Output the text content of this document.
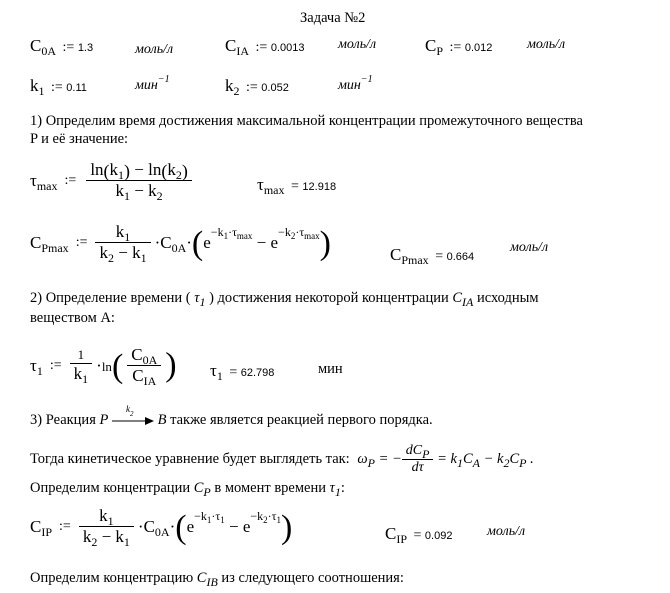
Задача №2
$C_{0A}$ := 1.3	моль/л	$C_{IA}$ := 0.0013 моль/л	$C_P$ := 0.012 моль/л
$k_1$ := 0.11	мин$^{-1}$	$k_2$ := 0.052	мин$^{-1}$
1) Определим время достижения максимальной концентрации промежуточного вещества
P и её значение:
$\tau_{max}$ := $\frac{\ln(k_1) - \ln(k_2)}{k_1 - k_2}$	$\tau_{max} = 12.918$
$C_{Pmax}$ := $\frac{k_1}{k_2 - k_1} \cdot C_{0A}\cdot(e^{-k_1\cdot\tau_{max}} - e^{-k_2\cdot\tau_{max}})$	$C_{Pmax} = 0.664$
моль/л
2) Определение времени ( $\tau_1$ ) достижения некоторой концентрации $C_{IA}$ исходным
веществом A:
$\tau_1$ := $\frac{1}{k_1} \cdot\ln( \frac{C_{0A}}{C_{IA}}$ ) $\tau_1 = 62.798$	мин
3) Реакция P
$k_2$ B также является реакцией первого порядка.
Тогда кинетическое уравнение будет выглядеть так: $\omega_P$ = − $\frac{dC_P}{d\tau} = k_1C_A - k_2C_P$ .
Определим концентрации $C_P$ в момент времени $\tau_1$:
$C_{IP}$ := $\frac{k_1}{k_2 - k_1} \cdot C_{0A}\cdot(e^{-k_1\cdot\tau_1} - e^{-k_2\cdot\tau_1})$	$C_{IP} = 0.092$ моль/л
Определим концентрацию $C_{IB}$ из следующего соотношения:
